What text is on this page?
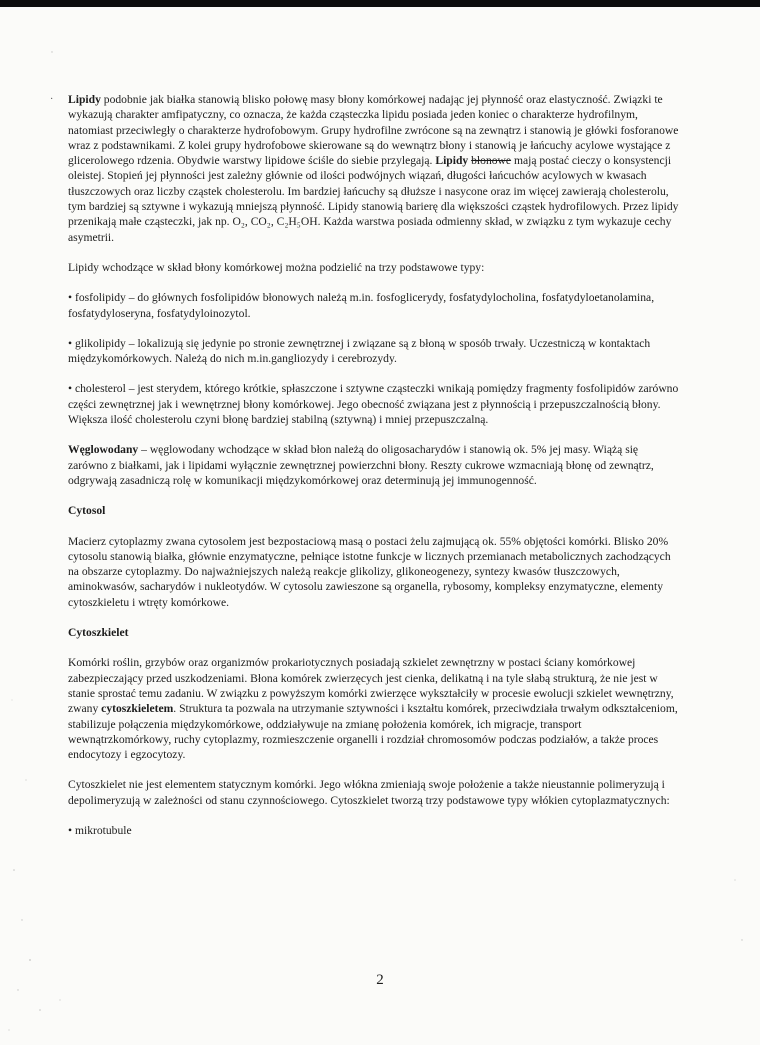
· Lipidy podobnie jak białka stanowią blisko połowę masy błony komórkowej nadając jej płynność oraz elastyczność. Związki te wykazują charakter amfipatyczny, co oznacza, że każda cząsteczka lipidu posiada jeden koniec o charakterze hydrofilnym, natomiast przeciwległy o charakterze hydrofobowym. Grupy hydrofilne zwrócone są na zewnątrz i stanowią je główki fosforanowe wraz z podstawnikami. Z kolei grupy hydrofobowe skierowane są do wewnątrz błony i stanowią je łańcuchy acylowe wystające z glicerolowego rdzenia. Obydwie warstwy lipidowe ściśle do siebie przylegają. Lipidy błonowe mają postać cieczy o konsystencji oleistej. Stopień jej płynności jest zależny głównie od ilości podwójnych wiązań, długości łańcuchów acylowych w kwasach tłuszczowych oraz liczby cząstek cholesterolu. Im bardziej łańcuchy są dłuższe i nasycone oraz im więcej zawierają cholesterolu, tym bardziej są sztywne i wykazują mniejszą płynność. Lipidy stanowią barierę dla większości cząstek hydrofilowych. Przez lipidy przenikają małe cząsteczki, jak np. O₂, CO₂, C₂H₅OH. Każda warstwa posiada odmienny skład, w związku z tym wykazuje cechy asymetrii.

Lipidy wchodzące w skład błony komórkowej można podzielić na trzy podstawowe typy:

• fosfolipidy – do głównych fosfolipidów błonowych należą m.in. fosfoglicerydy, fosfatydylocholina, fosfatydyloetanolamina, fosfatydyloseryna, fosfatydyloinozytol.

• glikolipidy – lokalizują się jedynie po stronie zewnętrznej i związane są z błoną w sposób trwały. Uczestniczą w kontaktach międzykomórkowych. Należą do nich m.in.gangliozydy i cerebrozydy.

• cholesterol – jest sterydem, którego krótkie, spłaszczone i sztywne cząsteczki wnikają pomiędzy fragmenty fosfolipidów zarówno części zewnętrznej jak i wewnętrznej błony komórkowej. Jego obecność związana jest z płynnością i przepuszczalnością błony. Większa ilość cholesterolu czyni błonę bardziej stabilną (sztywną) i mniej przepuszczalną.

Węglowodany – węglowodany wchodzące w skład błon należą do oligosacharydów i stanowią ok. 5% jej masy. Wiążą się zarówno z białkami, jak i lipidami wyłącznie zewnętrznej powierzchni błony. Reszty cukrowe wzmacniają błonę od zewnątrz, odgrywają zasadniczą rolę w komunikacji międzykomórkowej oraz determinują jej immunogenność.

Cytosol

Macierz cytoplazmy zwana cytosolem jest bezpostaciową masą o postaci żelu zajmującą ok. 55% objętości komórki. Blisko 20% cytosolu stanowią białka, głównie enzymatyczne, pełniące istotne funkcje w licznych przemianach metabolicznych zachodzących na obszarze cytoplazmy. Do najważniejszych należą reakcje glikolizy, glikoneogenezy, syntezy kwasów tłuszczowych, aminokwasów, sacharydów i nukleotydów. W cytosolu zawieszone są organella, rybosomy, kompleksy enzymatyczne, elementy cytoszkieletu i wtręty komórkowe.

Cytoszkielet

Komórki roślin, grzybów oraz organizmów prokariotycznych posiadają szkielet zewnętrzny w postaci ściany komórkowej zabezpieczający przed uszkodzeniami. Błona komórek zwierzęcych jest cienka, delikatną i na tyle słabą strukturą, że nie jest w stanie sprostać temu zadaniu. W związku z powyższym komórki zwierzęce wykształciły w procesie ewolucji szkielet wewnętrzny, zwany cytoszkieletem. Struktura ta pozwala na utrzymanie sztywności i kształtu komórek, przeciwdziała trwałym odkształceniom, stabilizuje połączenia międzykomórkowe, oddziaływuje na zmianę położenia komórek, ich migracje, transport wewnątrzkomórkowy, ruchy cytoplazmy, rozmieszczenie organelli i rozdział chromosomów podczas podziałów, a także proces endocytozy i egzocytozy.

Cytoszkielet nie jest elementem statycznym komórki. Jego włókna zmieniają swoje położenie a także nieustannie polimeryzują i depolimeryzują w zależności od stanu czynnościowego. Cytoszkielet tworzą trzy podstawowe typy włókien cytoplazmatycznych:

• mikrotubule

2
